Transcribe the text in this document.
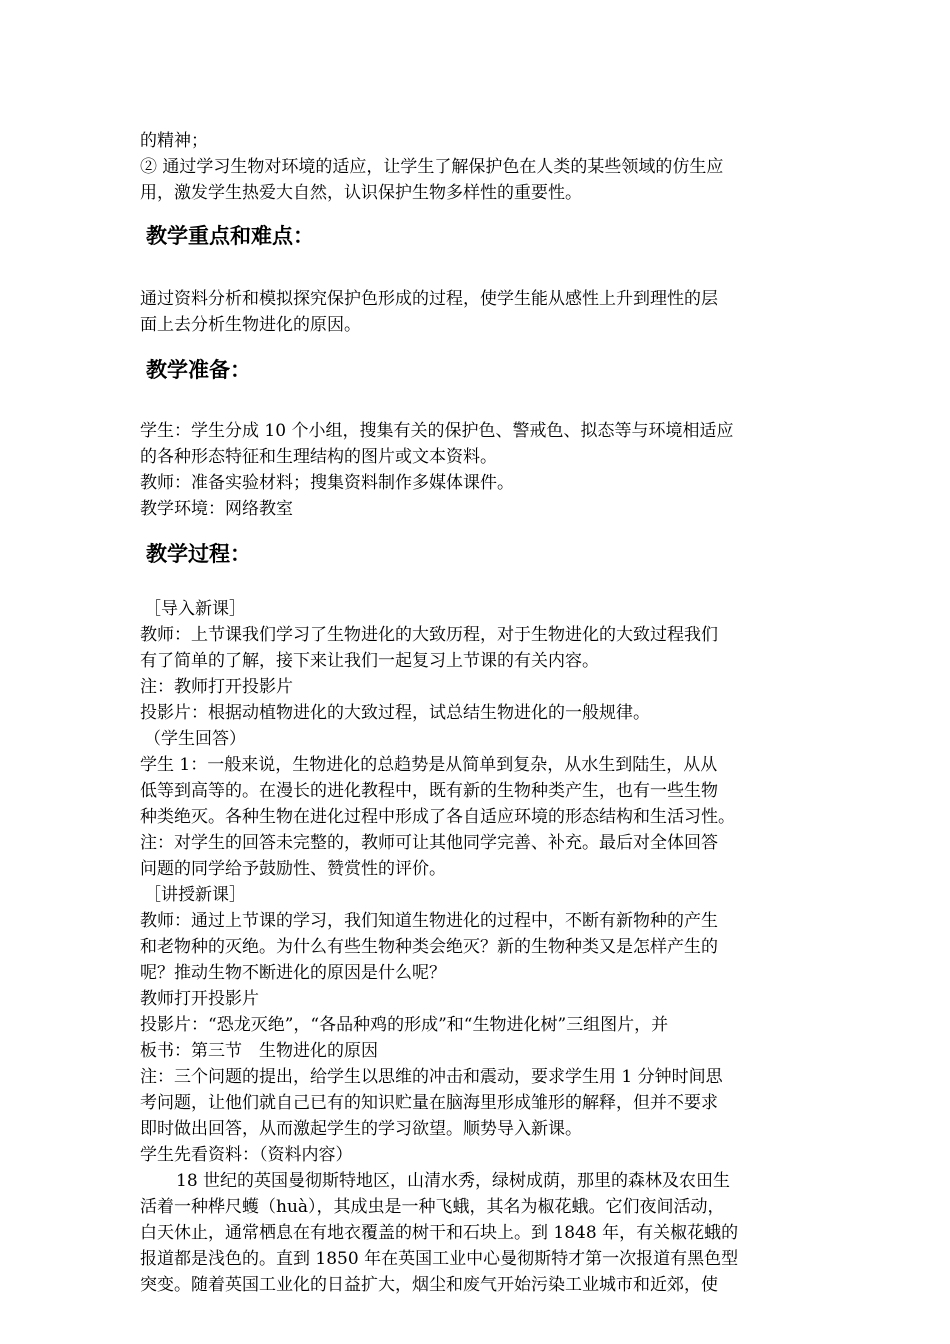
的精神；

② 通过学习生物对环境的适应，让学生了解保护色在人类的某些领域的仿生应

用，激发学生热爱大自然，认识保护生物多样性的重要性。

教学重点和难点：

通过资料分析和模拟探究保护色形成的过程，使学生能从感性上升到理性的层

面上去分析生物进化的原因。

教学准备：

学生：学生分成 10 个小组，搜集有关的保护色、警戒色、拟态等与环境相适应

的各种形态特征和生理结构的图片或文本资料。

教师：准备实验材料；搜集资料制作多媒体课件。

教学环境：网络教室

教学过程：

［导入新课］

教师：上节课我们学习了生物进化的大致历程，对于生物进化的大致过程我们

有了简单的了解，接下来让我们一起复习上节课的有关内容。

注：教师打开投影片

投影片：根据动植物进化的大致过程，试总结生物进化的一般规律。

（学生回答）

学生 1：一般来说，生物进化的总趋势是从简单到复杂，从水生到陆生，从从

低等到高等的。在漫长的进化教程中，既有新的生物种类产生，也有一些生物

种类绝灭。各种生物在进化过程中形成了各自适应环境的形态结构和生活习性。

注：对学生的回答未完整的，教师可让其他同学完善、补充。最后对全体回答

问题的同学给予鼓励性、赞赏性的评价。

［讲授新课］

教师：通过上节课的学习，我们知道生物进化的过程中，不断有新物种的产生

和老物种的灭绝。为什么有些生物种类会绝灭？新的生物种类又是怎样产生的

呢？推动生物不断进化的原因是什么呢？

教师打开投影片

投影片：“恐龙灭绝”，“各品种鸡的形成”和“生物进化树”三组图片，并

板书：第三节　生物进化的原因

注：三个问题的提出，给学生以思维的冲击和震动，要求学生用 1 分钟时间思

考问题，让他们就自己已有的知识贮量在脑海里形成雏形的解释，但并不要求

即时做出回答，从而激起学生的学习欲望。顺势导入新课。

学生先看资料：（资料内容）

18 世纪的英国曼彻斯特地区，山清水秀，绿树成荫，那里的森林及农田生

活着一种桦尺蠖（huà），其成虫是一种飞蛾，其名为椒花蛾。它们夜间活动，

白天休止，通常栖息在有地衣覆盖的树干和石块上。到 1848 年，有关椒花蛾的

报道都是浅色的。直到 1850 年在英国工业中心曼彻斯特才第一次报道有黑色型

突变。随着英国工业化的日益扩大，烟尘和废气开始污染工业城市和近郊，使
